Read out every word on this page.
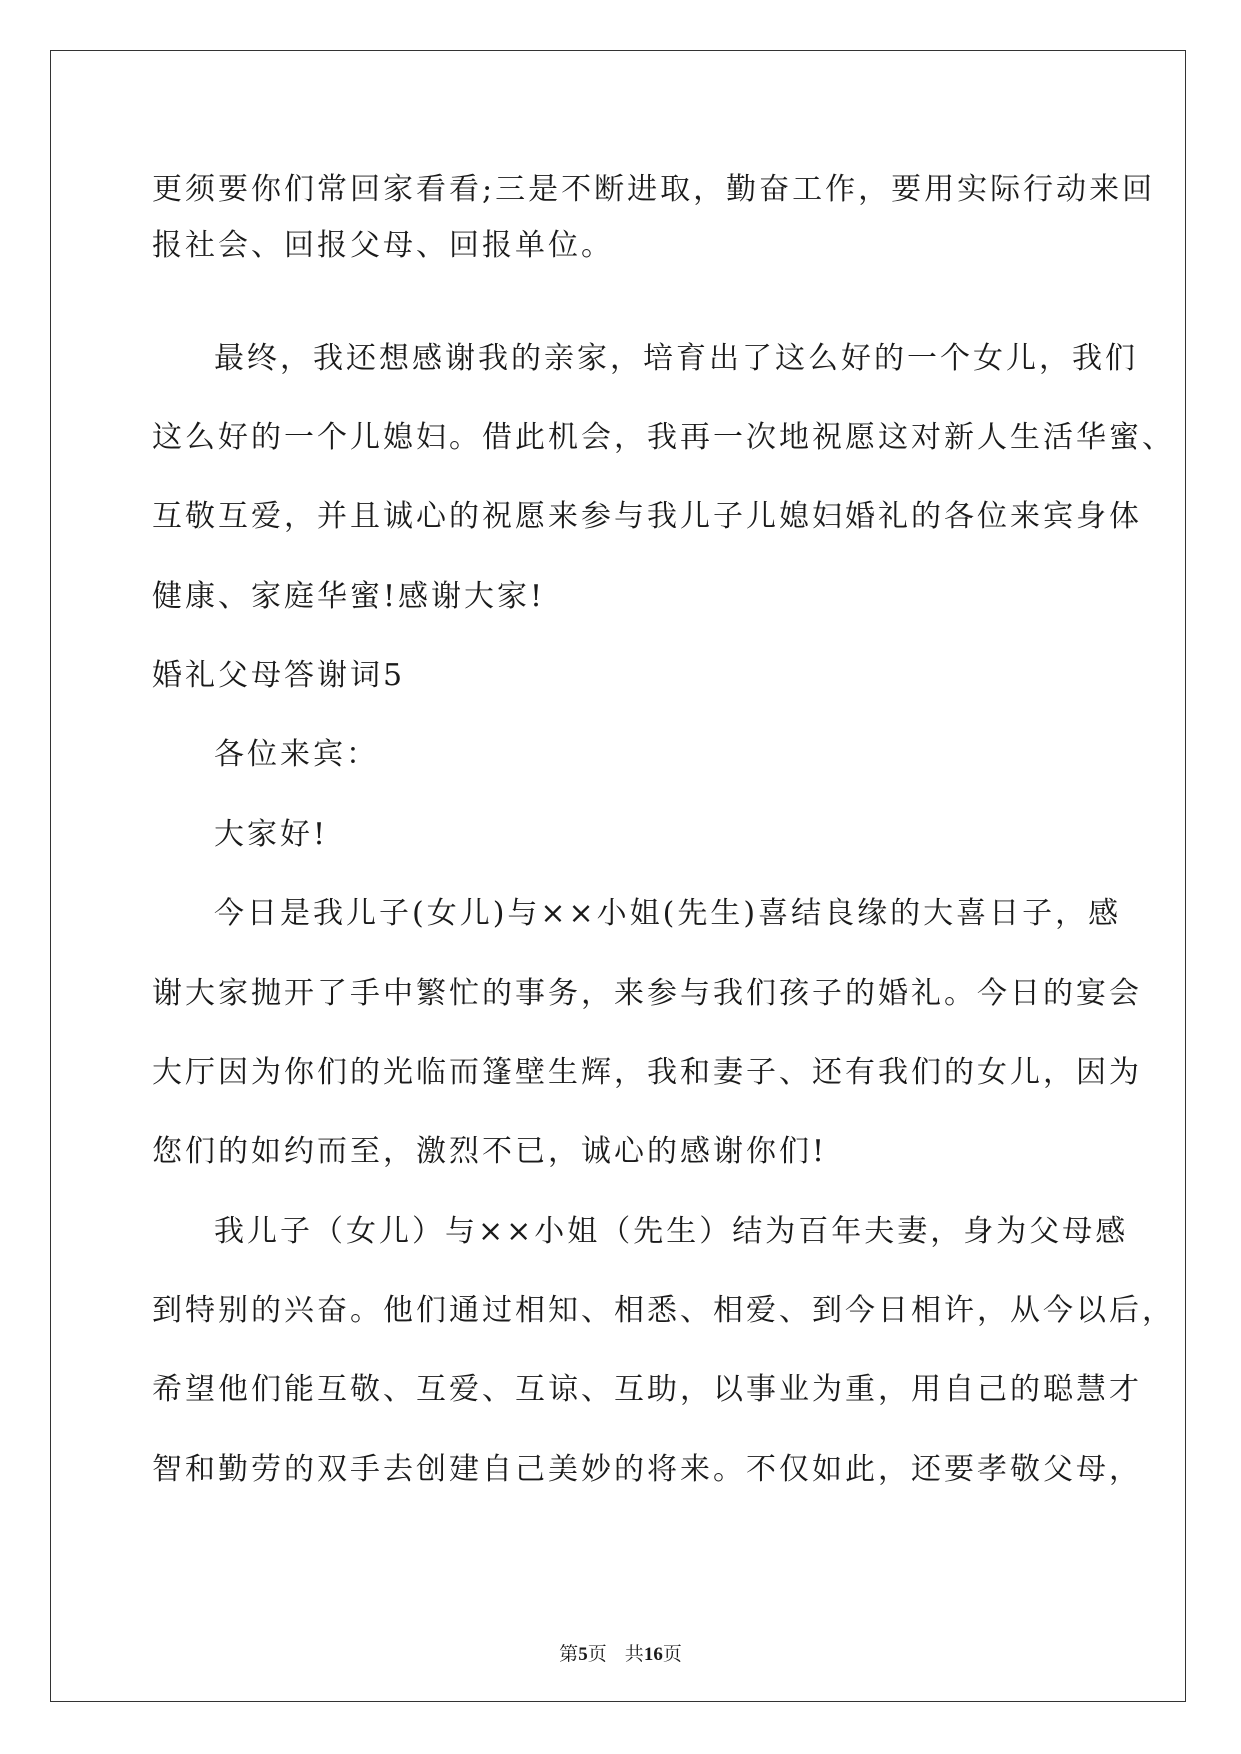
更须要你们常回家看看;三是不断进取，勤奋工作，要用实际行动来回
报社会、回报父母、回报单位。
最终，我还想感谢我的亲家，培育出了这么好的一个女儿，我们
这么好的一个儿媳妇。借此机会，我再一次地祝愿这对新人生活华蜜、
互敬互爱，并且诚心的祝愿来参与我儿子儿媳妇婚礼的各位来宾身体
健康、家庭华蜜!感谢大家!
婚礼父母答谢词5
各位来宾：
大家好!
今日是我儿子(女儿)与××小姐(先生)喜结良缘的大喜日子，感
谢大家抛开了手中繁忙的事务，来参与我们孩子的婚礼。今日的宴会
大厅因为你们的光临而篷壁生辉，我和妻子、还有我们的女儿，因为
您们的如约而至，激烈不已，诚心的感谢你们!
我儿子（女儿）与××小姐（先生）结为百年夫妻，身为父母感
到特别的兴奋。他们通过相知、相悉、相爱、到今日相许，从今以后，
希望他们能互敬、互爱、互谅、互助，以事业为重，用自己的聪慧才
智和勤劳的双手去创建自己美妙的将来。不仅如此，还要孝敬父母，
第5页   共16页
